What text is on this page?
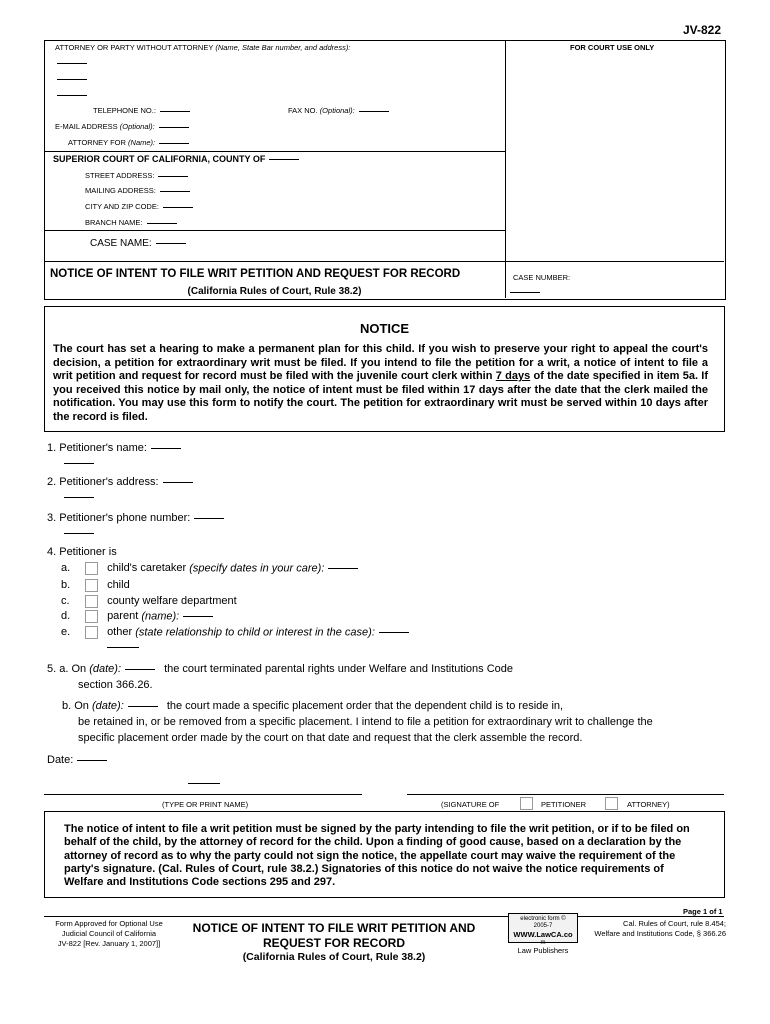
JV-822
ATTORNEY OR PARTY WITHOUT ATTORNEY (Name, State Bar number, and address):	FOR COURT USE ONLY
TELEPHONE NO.:	FAX NO. (Optional):
E-MAIL ADDRESS (Optional):
ATTORNEY FOR (Name):
SUPERIOR COURT OF CALIFORNIA, COUNTY OF
STREET ADDRESS:
MAILING ADDRESS:
CITY AND ZIP CODE:
BRANCH NAME:
CASE NAME:
NOTICE OF INTENT TO FILE WRIT PETITION AND REQUEST FOR RECORD
(California Rules of Court, Rule 38.2)
CASE NUMBER:
NOTICE
The court has set a hearing to make a permanent plan for this child. If you wish to preserve your right to appeal the court's decision, a petition for extraordinary writ must be filed. If you intend to file the petition for a writ, a notice of intent to file a writ petition and request for record must be filed with the juvenile court clerk within 7 days of the date specified in item 5a. If you received this notice by mail only, the notice of intent must be filed within 17 days after the date that the clerk mailed the notification. You may use this form to notify the court. The petition for extraordinary writ must be served within 10 days after the record is filed.
1. Petitioner's name:
2. Petitioner's address:
3. Petitioner's phone number:
4. Petitioner is
a.	child's caretaker (specify dates in your care):
b.	child
c.	county welfare department
d.	parent (name):
e.	other (state relationship to child or interest in the case):
5. a. On (date):	the court terminated parental rights under Welfare and Institutions Code
section 366.26.
b. On (date):	the court made a specific placement order that the dependent child is to reside in,
be retained in, or be removed from a specific placement. I intend to file a petition for extraordinary writ to challenge the
specific placement order made by the court on that date and request that the clerk assemble the record.
Date:
(TYPE OR PRINT NAME)	(SIGNATURE OF	PETITIONER	ATTORNEY)
The notice of intent to file a writ petition must be signed by the party intending to file the writ petition, or if to be filed on behalf of the child, by the attorney of record for the child. Upon a finding of good cause, based on a declaration by the attorney of record as to why the party could not sign the notice, the appellate court may waive the requirement of the party's signature. (Cal. Rules of Court, rule 38.2.) Signatories of this notice do not waive the notice requirements of Welfare and Institutions Code sections 295 and 297.
Page 1 of 1
Form Approved for Optional Use
Judicial Council of California
JV-822 [Rev. January 1, 2007]]
NOTICE OF INTENT TO FILE WRIT PETITION AND
REQUEST FOR RECORD
(California Rules of Court, Rule 38.2)
electronic form ©
2005-7
WWW.LawCA.co
m
Law Publishers
Cal. Rules of Court, rule 8.454;
Welfare and Institutions Code, § 366.26
